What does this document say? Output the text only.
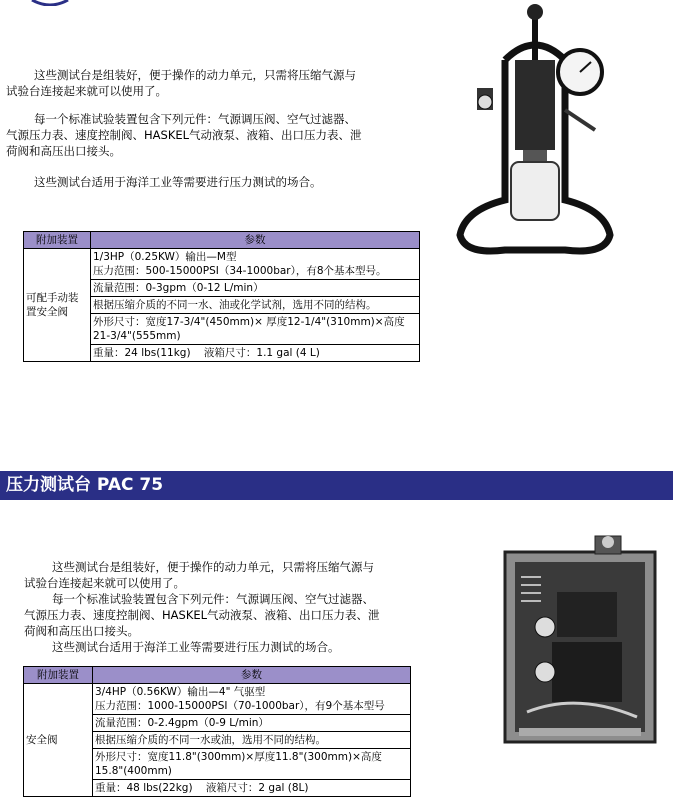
这些测试台是组装好，便于操作的动力单元，只需将压缩气源与

试验台连接起来就可以使用了。

每一个标准试验装置包含下列元件：气源调压阀、空气过滤器、

气源压力表、速度控制阀、HASKEL气动液泵、液箱、出口压力表、泄

荷阀和高压出口接头。

这些测试台适用于海洋工业等需要进行压力测试的场合。

附加装置	参数
可配手动装置安全阀	1/3HP（0.25KW）输出—M型
压力范围：500-15000PSI（34-1000bar），有8个基本型号。

	流量范围：0-3gpm（0-12 L/min）
	根据压缩介质的不同一水、油或化学试剂，选用不同的结构。

	外形尺寸：宽度17-3/4"(450mm)× 厚度12-1/4"(310mm)×高度
21-3/4"(555mm)

	重量：24 lbs(11kg)    液箱尺寸：1.1 gal (4 L)
压力测试台 PAC 75

这些测试台是组装好，便于操作的动力单元，只需将压缩气源与

试验台连接起来就可以使用了。

每一个标准试验装置包含下列元件：气源调压阀、空气过滤器、

气源压力表、速度控制阀、HASKEL气动液泵、液箱、出口压力表、泄

荷阀和高压出口接头。

这些测试台适用于海洋工业等需要进行压力测试的场合。

附加装置	参数
安全阀	3/4HP（0.56KW）输出—4" 气驱型
压力范围：1000-15000PSI（70-1000bar），有9个基本型号

	流量范围：0-2.4gpm（0-9 L/min）
	根据压缩介质的不同一水或油，选用不同的结构。

	外形尺寸：宽度11.8"(300mm)×厚度11.8"(300mm)×高度
15.8"(400mm)

	重量：48 lbs(22kg)    液箱尺寸：2 gal (8L)
